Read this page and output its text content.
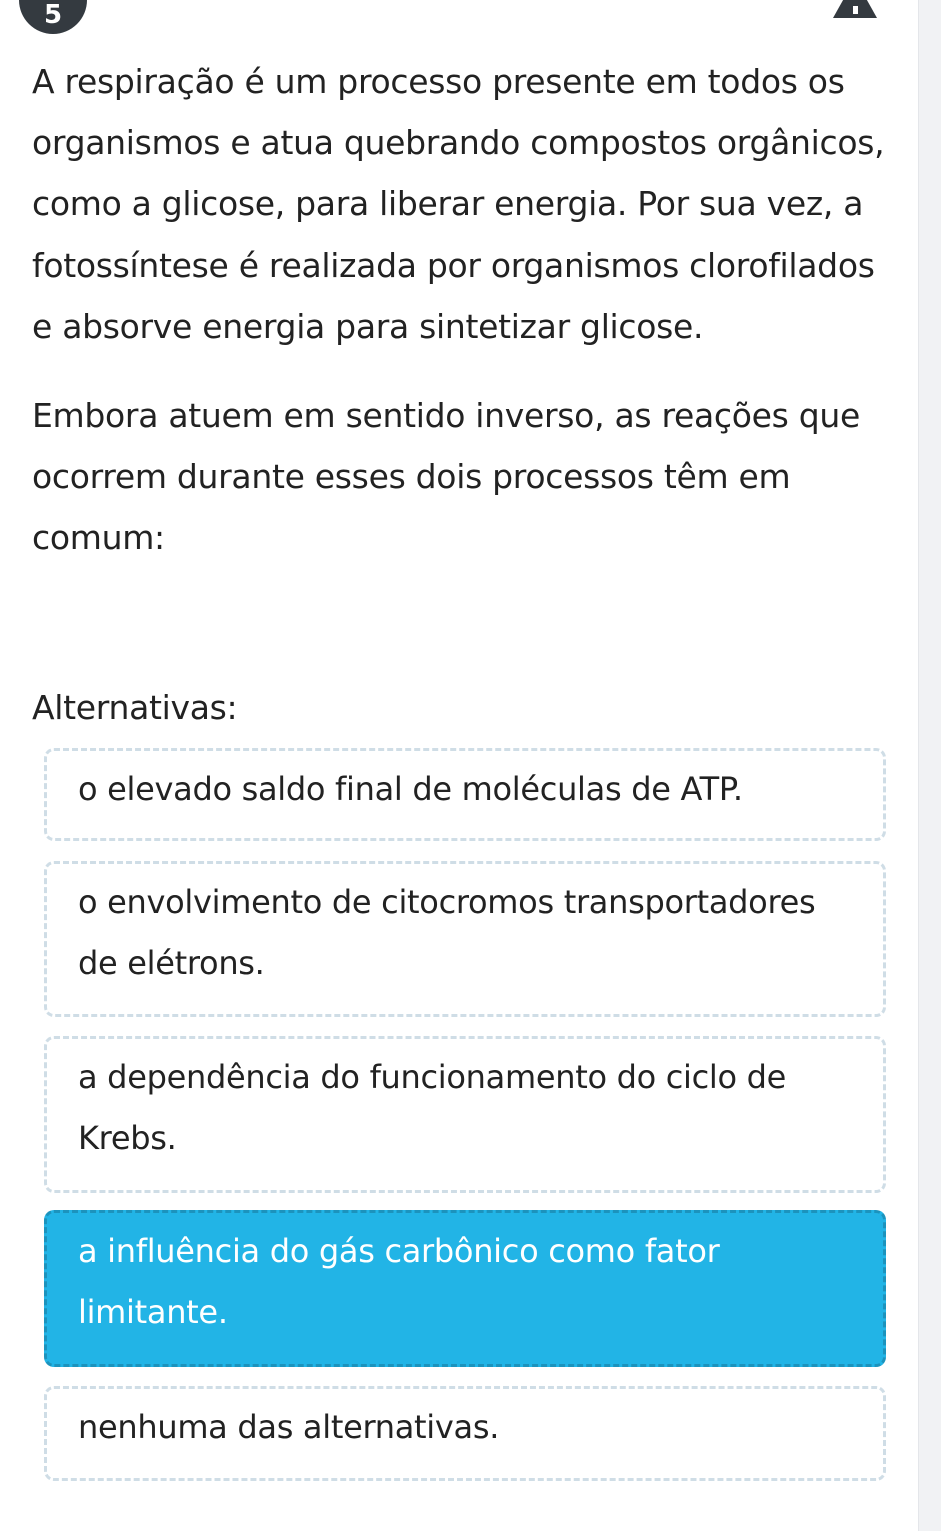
5

A respiração é um processo presente em todos os organismos e atua quebrando compostos orgânicos, como a glicose, para liberar energia. Por sua vez, a fotossíntese é realizada por organismos clorofilados e absorve energia para sintetizar glicose.

Embora atuem em sentido inverso, as reações que ocorrem durante esses dois processos têm em comum:

Alternativas:

o elevado saldo final de moléculas de ATP.
o envolvimento de citocromos transportadores de elétrons.
a dependência do funcionamento do ciclo de Krebs.
a influência do gás carbônico como fator limitante.
nenhuma das alternativas.
